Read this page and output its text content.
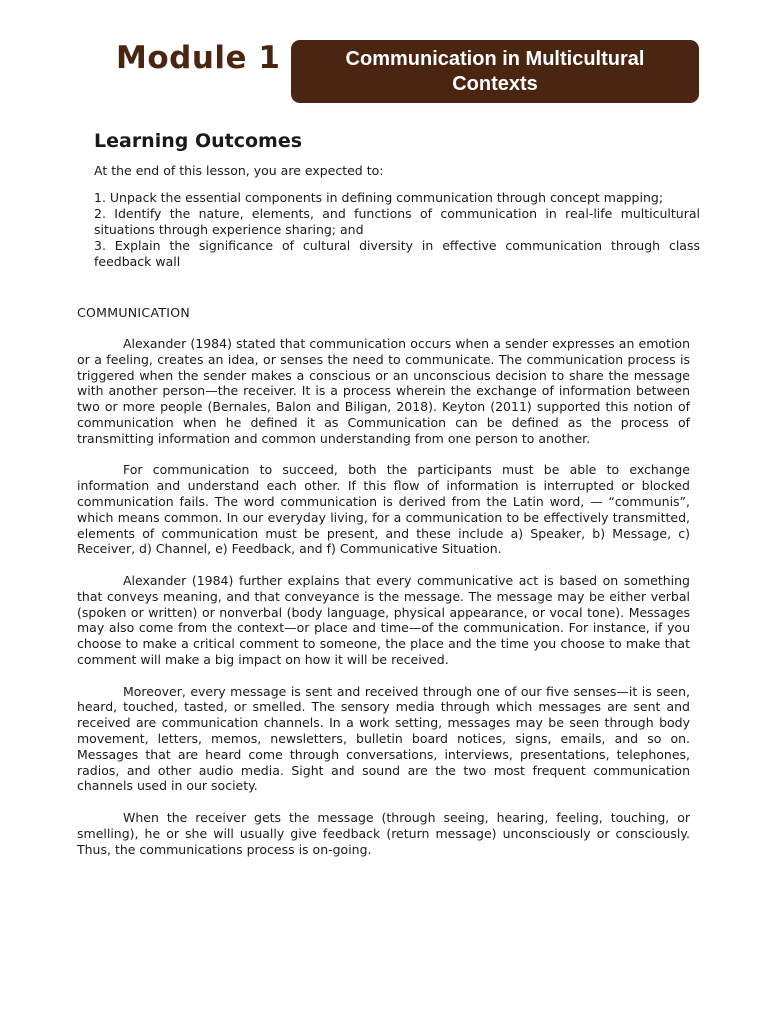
Module 1	Communication in Multicultural Contexts
Learning Outcomes
At the end of this lesson, you are expected to:
1. Unpack the essential components in defining communication through concept mapping;
2. Identify the nature, elements, and functions of communication in real-life multicultural situations through experience sharing; and
3. Explain the significance of cultural diversity in effective communication through class feedback wall
COMMUNICATION

Alexander (1984) stated that communication occurs when a sender expresses an emotion or a feeling, creates an idea, or senses the need to communicate. The communication process is triggered when the sender makes a conscious or an unconscious decision to share the message with another person—the receiver. It is a process wherein the exchange of information between two or more people (Bernales, Balon and Biligan, 2018). Keyton (2011) supported this notion of communication when he defined it as Communication can be defined as the process of transmitting information and common understanding from one person to another.

For communication to succeed, both the participants must be able to exchange information and understand each other. If this flow of information is interrupted or blocked communication fails. The word communication is derived from the Latin word, — “communis”, which means common. In our everyday living, for a communication to be effectively transmitted, elements of communication must be present, and these include a) Speaker, b) Message, c) Receiver, d) Channel, e) Feedback, and f) Communicative Situation.

Alexander (1984) further explains that every communicative act is based on something that conveys meaning, and that conveyance is the message. The message may be either verbal (spoken or written) or nonverbal (body language, physical appearance, or vocal tone). Messages may also come from the context—or place and time—of the communication. For instance, if you choose to make a critical comment to someone, the place and the time you choose to make that comment will make a big impact on how it will be received.

Moreover, every message is sent and received through one of our five senses—it is seen, heard, touched, tasted, or smelled. The sensory media through which messages are sent and received are communication channels. In a work setting, messages may be seen through body movement, letters, memos, newsletters, bulletin board notices, signs, emails, and so on. Messages that are heard come through conversations, interviews, presentations, telephones, radios, and other audio media. Sight and sound are the two most frequent communication channels used in our society.

When the receiver gets the message (through seeing, hearing, feeling, touching, or smelling), he or she will usually give feedback (return message) unconsciously or consciously. Thus, the communications process is on-going.
